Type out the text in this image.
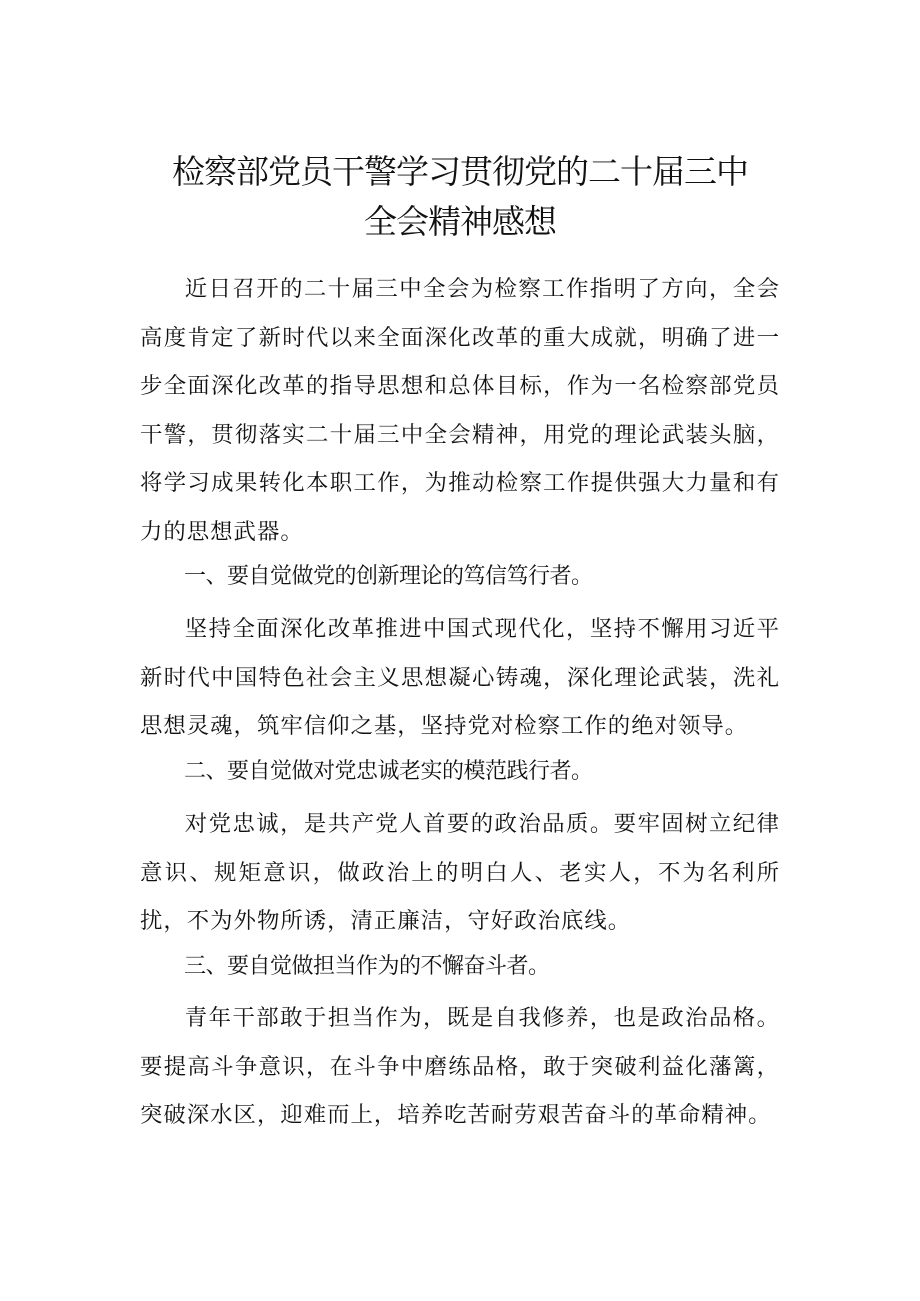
检察部党员干警学习贯彻党的二十届三中
全会精神感想

近日召开的二十届三中全会为检察工作指明了方向，全会高度肯定了新时代以来全面深化改革的重大成就，明确了进一步全面深化改革的指导思想和总体目标，作为一名检察部党员干警，贯彻落实二十届三中全会精神，用党的理论武装头脑，将学习成果转化本职工作，为推动检察工作提供强大力量和有力的思想武器。

一、要自觉做党的创新理论的笃信笃行者。

坚持全面深化改革推进中国式现代化，坚持不懈用习近平新时代中国特色社会主义思想凝心铸魂，深化理论武装，洗礼思想灵魂，筑牢信仰之基，坚持党对检察工作的绝对领导。

二、要自觉做对党忠诚老实的模范践行者。

对党忠诚，是共产党人首要的政治品质。要牢固树立纪律意识、规矩意识，做政治上的明白人、老实人，不为名利所扰，不为外物所诱，清正廉洁，守好政治底线。

三、要自觉做担当作为的不懈奋斗者。

青年干部敢于担当作为，既是自我修养，也是政治品格。要提高斗争意识，在斗争中磨练品格，敢于突破利益化藩篱，突破深水区，迎难而上，培养吃苦耐劳艰苦奋斗的革命精神。
